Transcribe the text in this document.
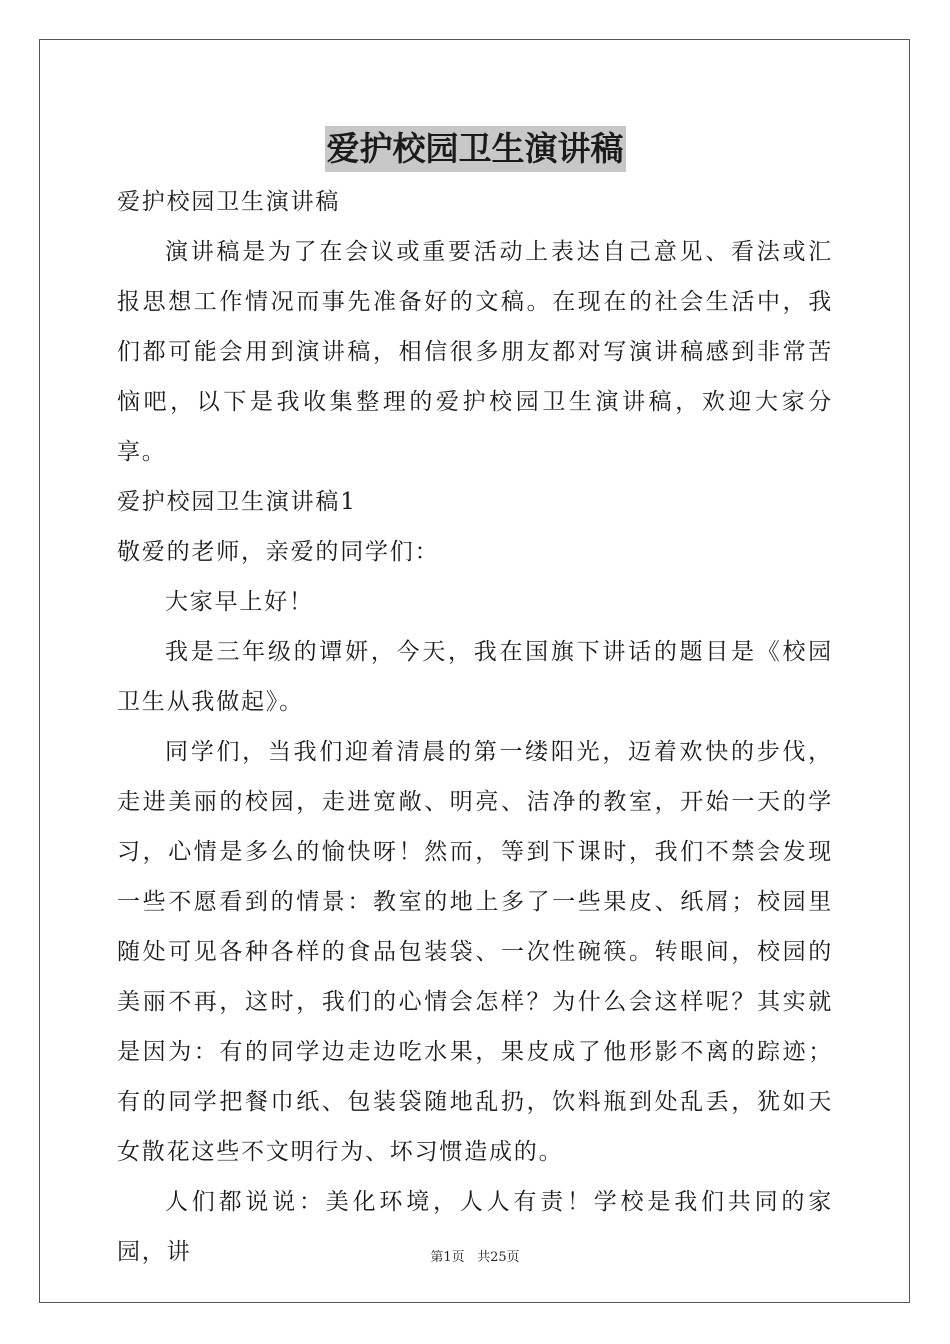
爱护校园卫生演讲稿

爱护校园卫生演讲稿

演讲稿是为了在会议或重要活动上表达自己意见、看法或汇报思想工作情况而事先准备好的文稿。在现在的社会生活中，我们都可能会用到演讲稿，相信很多朋友都对写演讲稿感到非常苦恼吧，以下是我收集整理的爱护校园卫生演讲稿，欢迎大家分享。

爱护校园卫生演讲稿1

敬爱的老师，亲爱的同学们：

大家早上好！

我是三年级的谭妍，今天，我在国旗下讲话的题目是《校园卫生从我做起》。

同学们，当我们迎着清晨的第一缕阳光，迈着欢快的步伐，走进美丽的校园，走进宽敞、明亮、洁净的教室，开始一天的学习，心情是多么的愉快呀！然而，等到下课时，我们不禁会发现一些不愿看到的情景：教室的地上多了一些果皮、纸屑；校园里随处可见各种各样的食品包装袋、一次性碗筷。转眼间，校园的美丽不再，这时，我们的心情会怎样？为什么会这样呢？其实就是因为：有的同学边走边吃水果，果皮成了他形影不离的踪迹；有的同学把餐巾纸、包装袋随地乱扔，饮料瓶到处乱丢，犹如天女散花这些不文明行为、坏习惯造成的。

人们都说说：美化环境，人人有责！学校是我们共同的家园，讲	第1页 共25页
